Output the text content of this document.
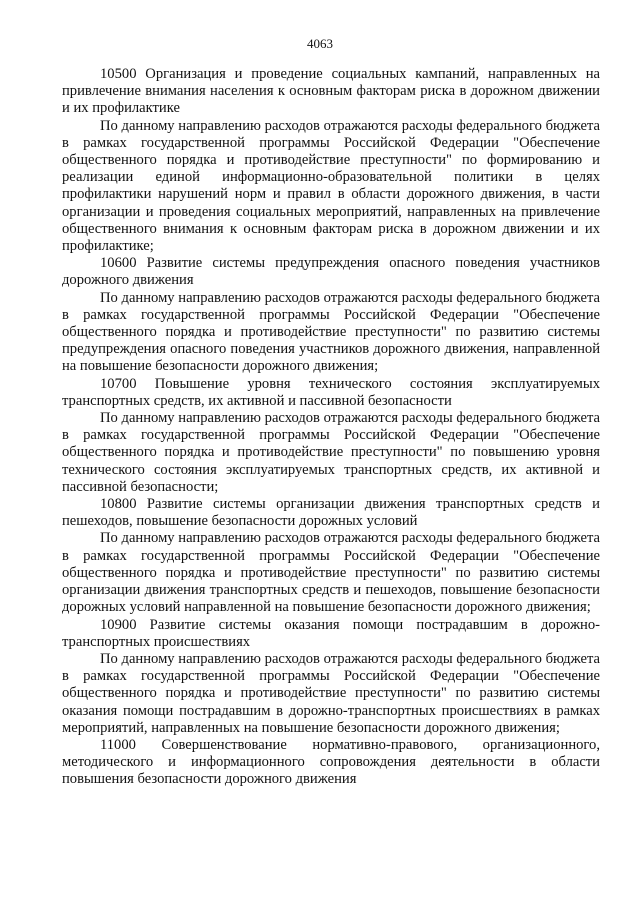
4063

10500 Организация и проведение социальных кампаний, направленных на привлечение внимания населения к основным факторам риска в дорожном движении и их профилактике

По данному направлению расходов отражаются расходы федерального бюджета в рамках государственной программы Российской Федерации "Обеспечение общественного порядка и противодействие преступности" по формированию и реализации единой информационно-образовательной политики в целях профилактики нарушений норм и правил в области дорожного движения, в части организации и проведения социальных мероприятий, направленных на привлечение общественного внимания к основным факторам риска в дорожном движении и их профилактике;

10600 Развитие системы предупреждения опасного поведения участников дорожного движения

По данному направлению расходов отражаются расходы федерального бюджета в рамках государственной программы Российской Федерации "Обеспечение общественного порядка и противодействие преступности" по развитию системы предупреждения опасного поведения участников дорожного движения, направленной на повышение безопасности дорожного движения;

10700 Повышение уровня технического состояния эксплуатируемых транспортных средств, их активной и пассивной безопасности

По данному направлению расходов отражаются расходы федерального бюджета в рамках государственной программы Российской Федерации "Обеспечение общественного порядка и противодействие преступности" по повышению уровня технического состояния эксплуатируемых транспортных средств, их активной и пассивной безопасности;

10800 Развитие системы организации движения транспортных средств и пешеходов, повышение безопасности дорожных условий

По данному направлению расходов отражаются расходы федерального бюджета в рамках государственной программы Российской Федерации "Обеспечение общественного порядка и противодействие преступности" по развитию системы организации движения транспортных средств и пешеходов, повышение безопасности дорожных условий направленной на повышение безопасности дорожного движения;

10900 Развитие системы оказания помощи пострадавшим в дорожно-транспортных происшествиях

По данному направлению расходов отражаются расходы федерального бюджета в рамках государственной программы Российской Федерации "Обеспечение общественного порядка и противодействие преступности" по развитию системы оказания помощи пострадавшим в дорожно-транспортных происшествиях в рамках мероприятий, направленных на повышение безопасности дорожного движения;

11000 Совершенствование нормативно-правового, организационного, методического и информационного сопровождения деятельности в области повышения безопасности дорожного движения
